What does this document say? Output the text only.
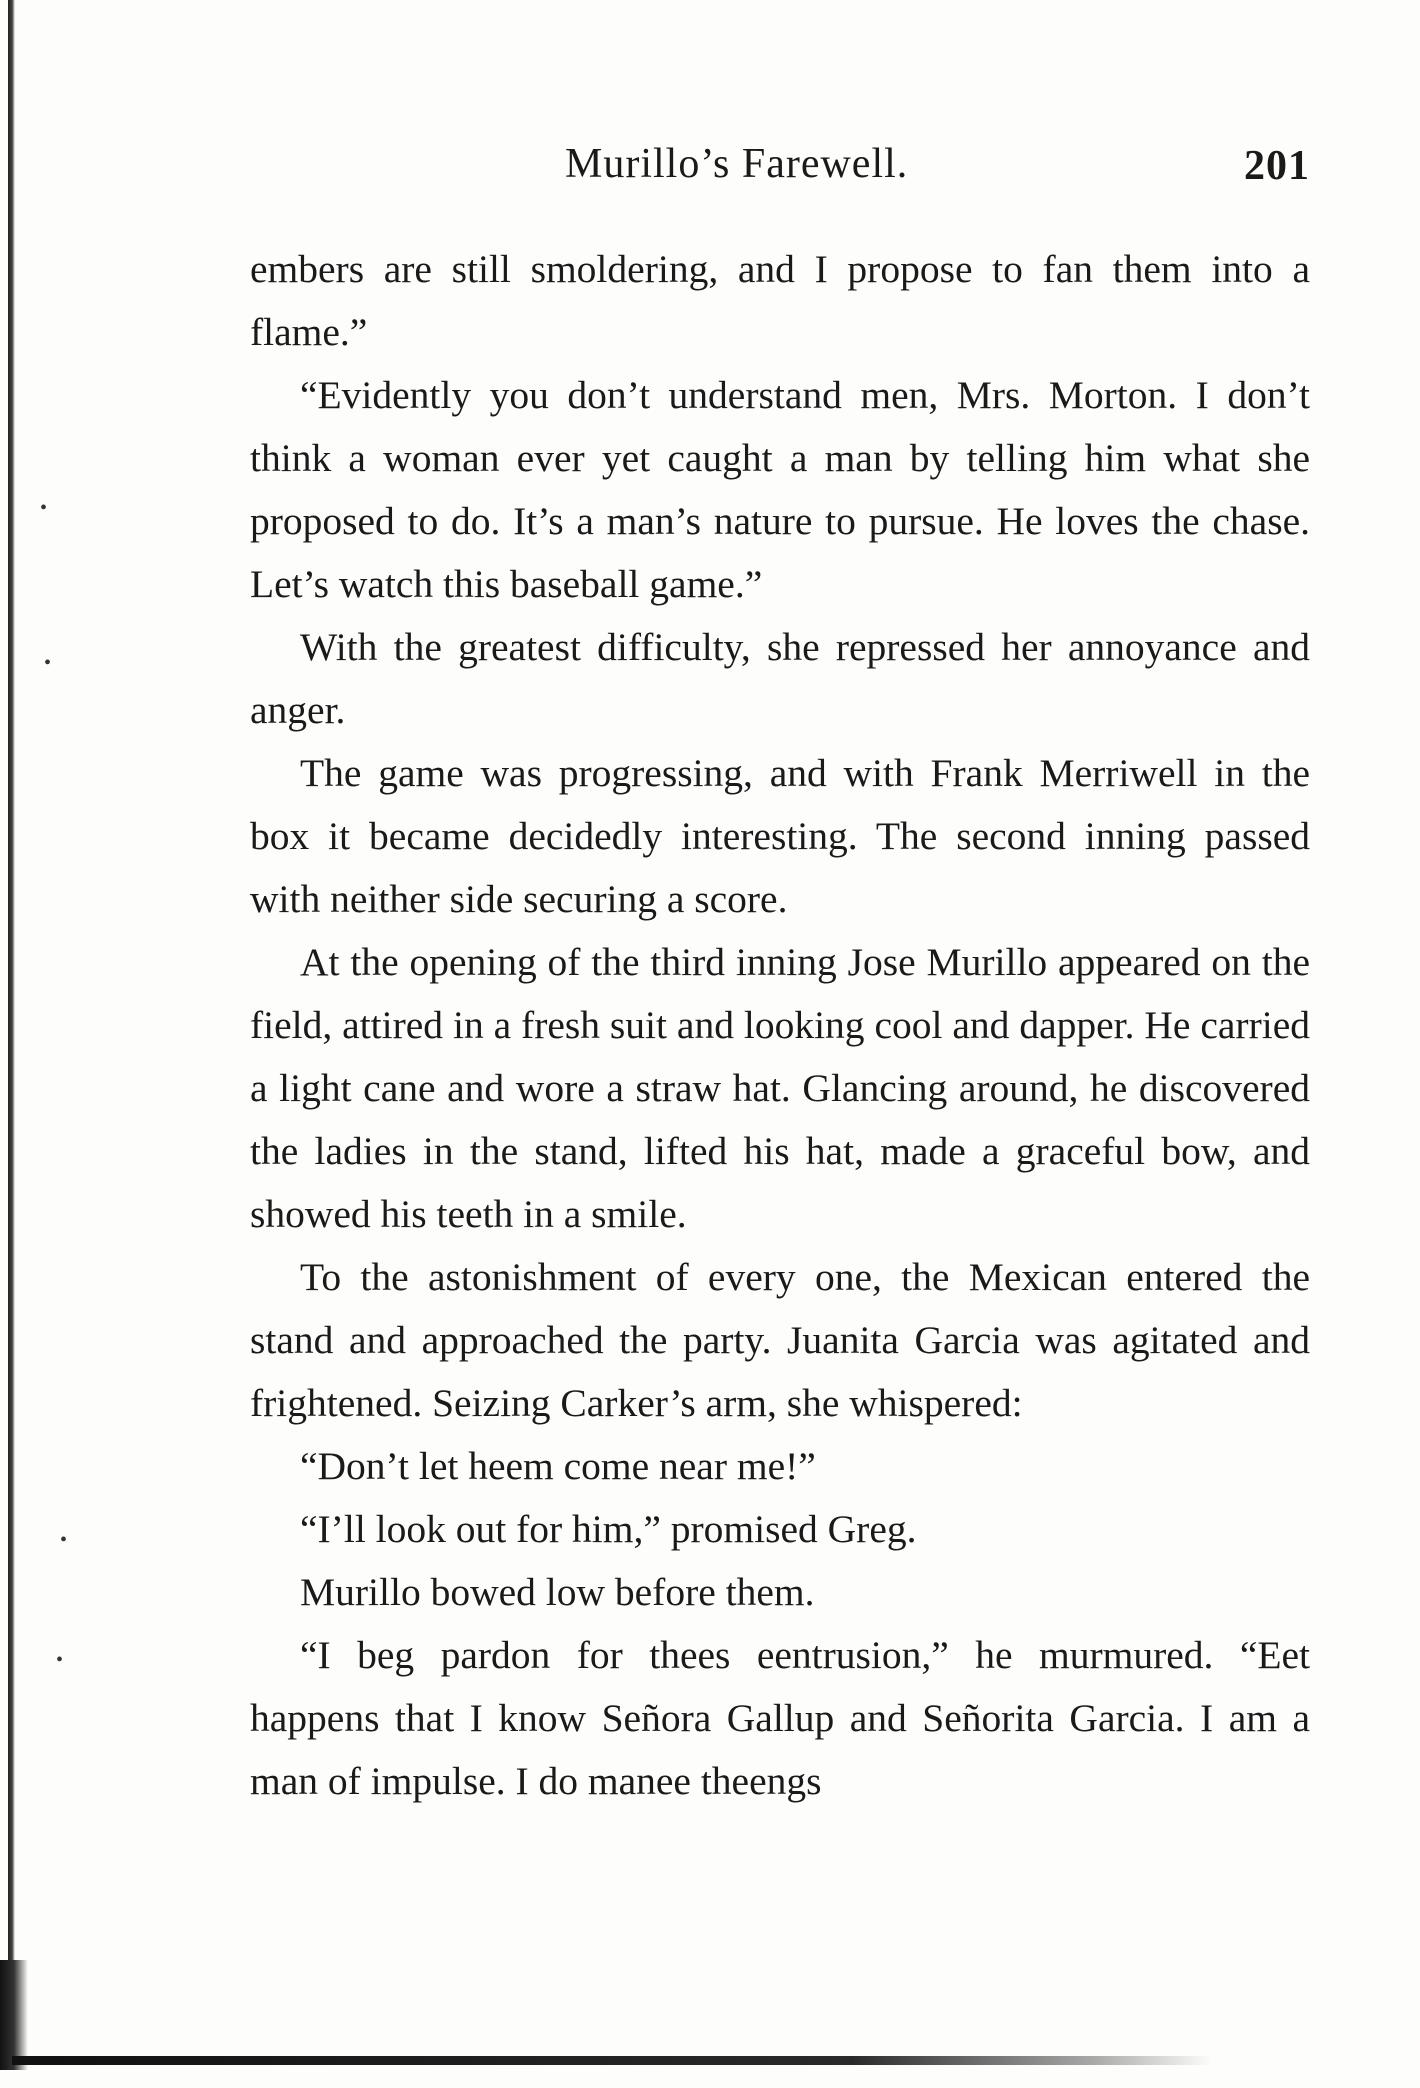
•
•
•
•
Murillo’s Farewell.	201

embers are still smoldering, and I propose to fan them into a flame.”

“Evidently you don’t understand men, Mrs. Morton. I don’t think a woman ever yet caught a man by telling him what she proposed to do. It’s a man’s nature to pursue. He loves the chase. Let’s watch this baseball game.”

With the greatest difficulty, she repressed her annoyance and anger.

The game was progressing, and with Frank Merriwell in the box it became decidedly interesting. The second inning passed with neither side securing a score.

At the opening of the third inning Jose Murillo appeared on the field, attired in a fresh suit and looking cool and dapper. He carried a light cane and wore a straw hat. Glancing around, he discovered the ladies in the stand, lifted his hat, made a graceful bow, and showed his teeth in a smile.

To the astonishment of every one, the Mexican entered the stand and approached the party. Juanita Garcia was agitated and frightened. Seizing Carker’s arm, she whispered:

“Don’t let heem come near me!”

“I’ll look out for him,” promised Greg.

Murillo bowed low before them.

“I beg pardon for thees eentrusion,” he murmured. “Eet happens that I know Señora Gallup and Señorita Garcia. I am a man of impulse. I do manee theengs
